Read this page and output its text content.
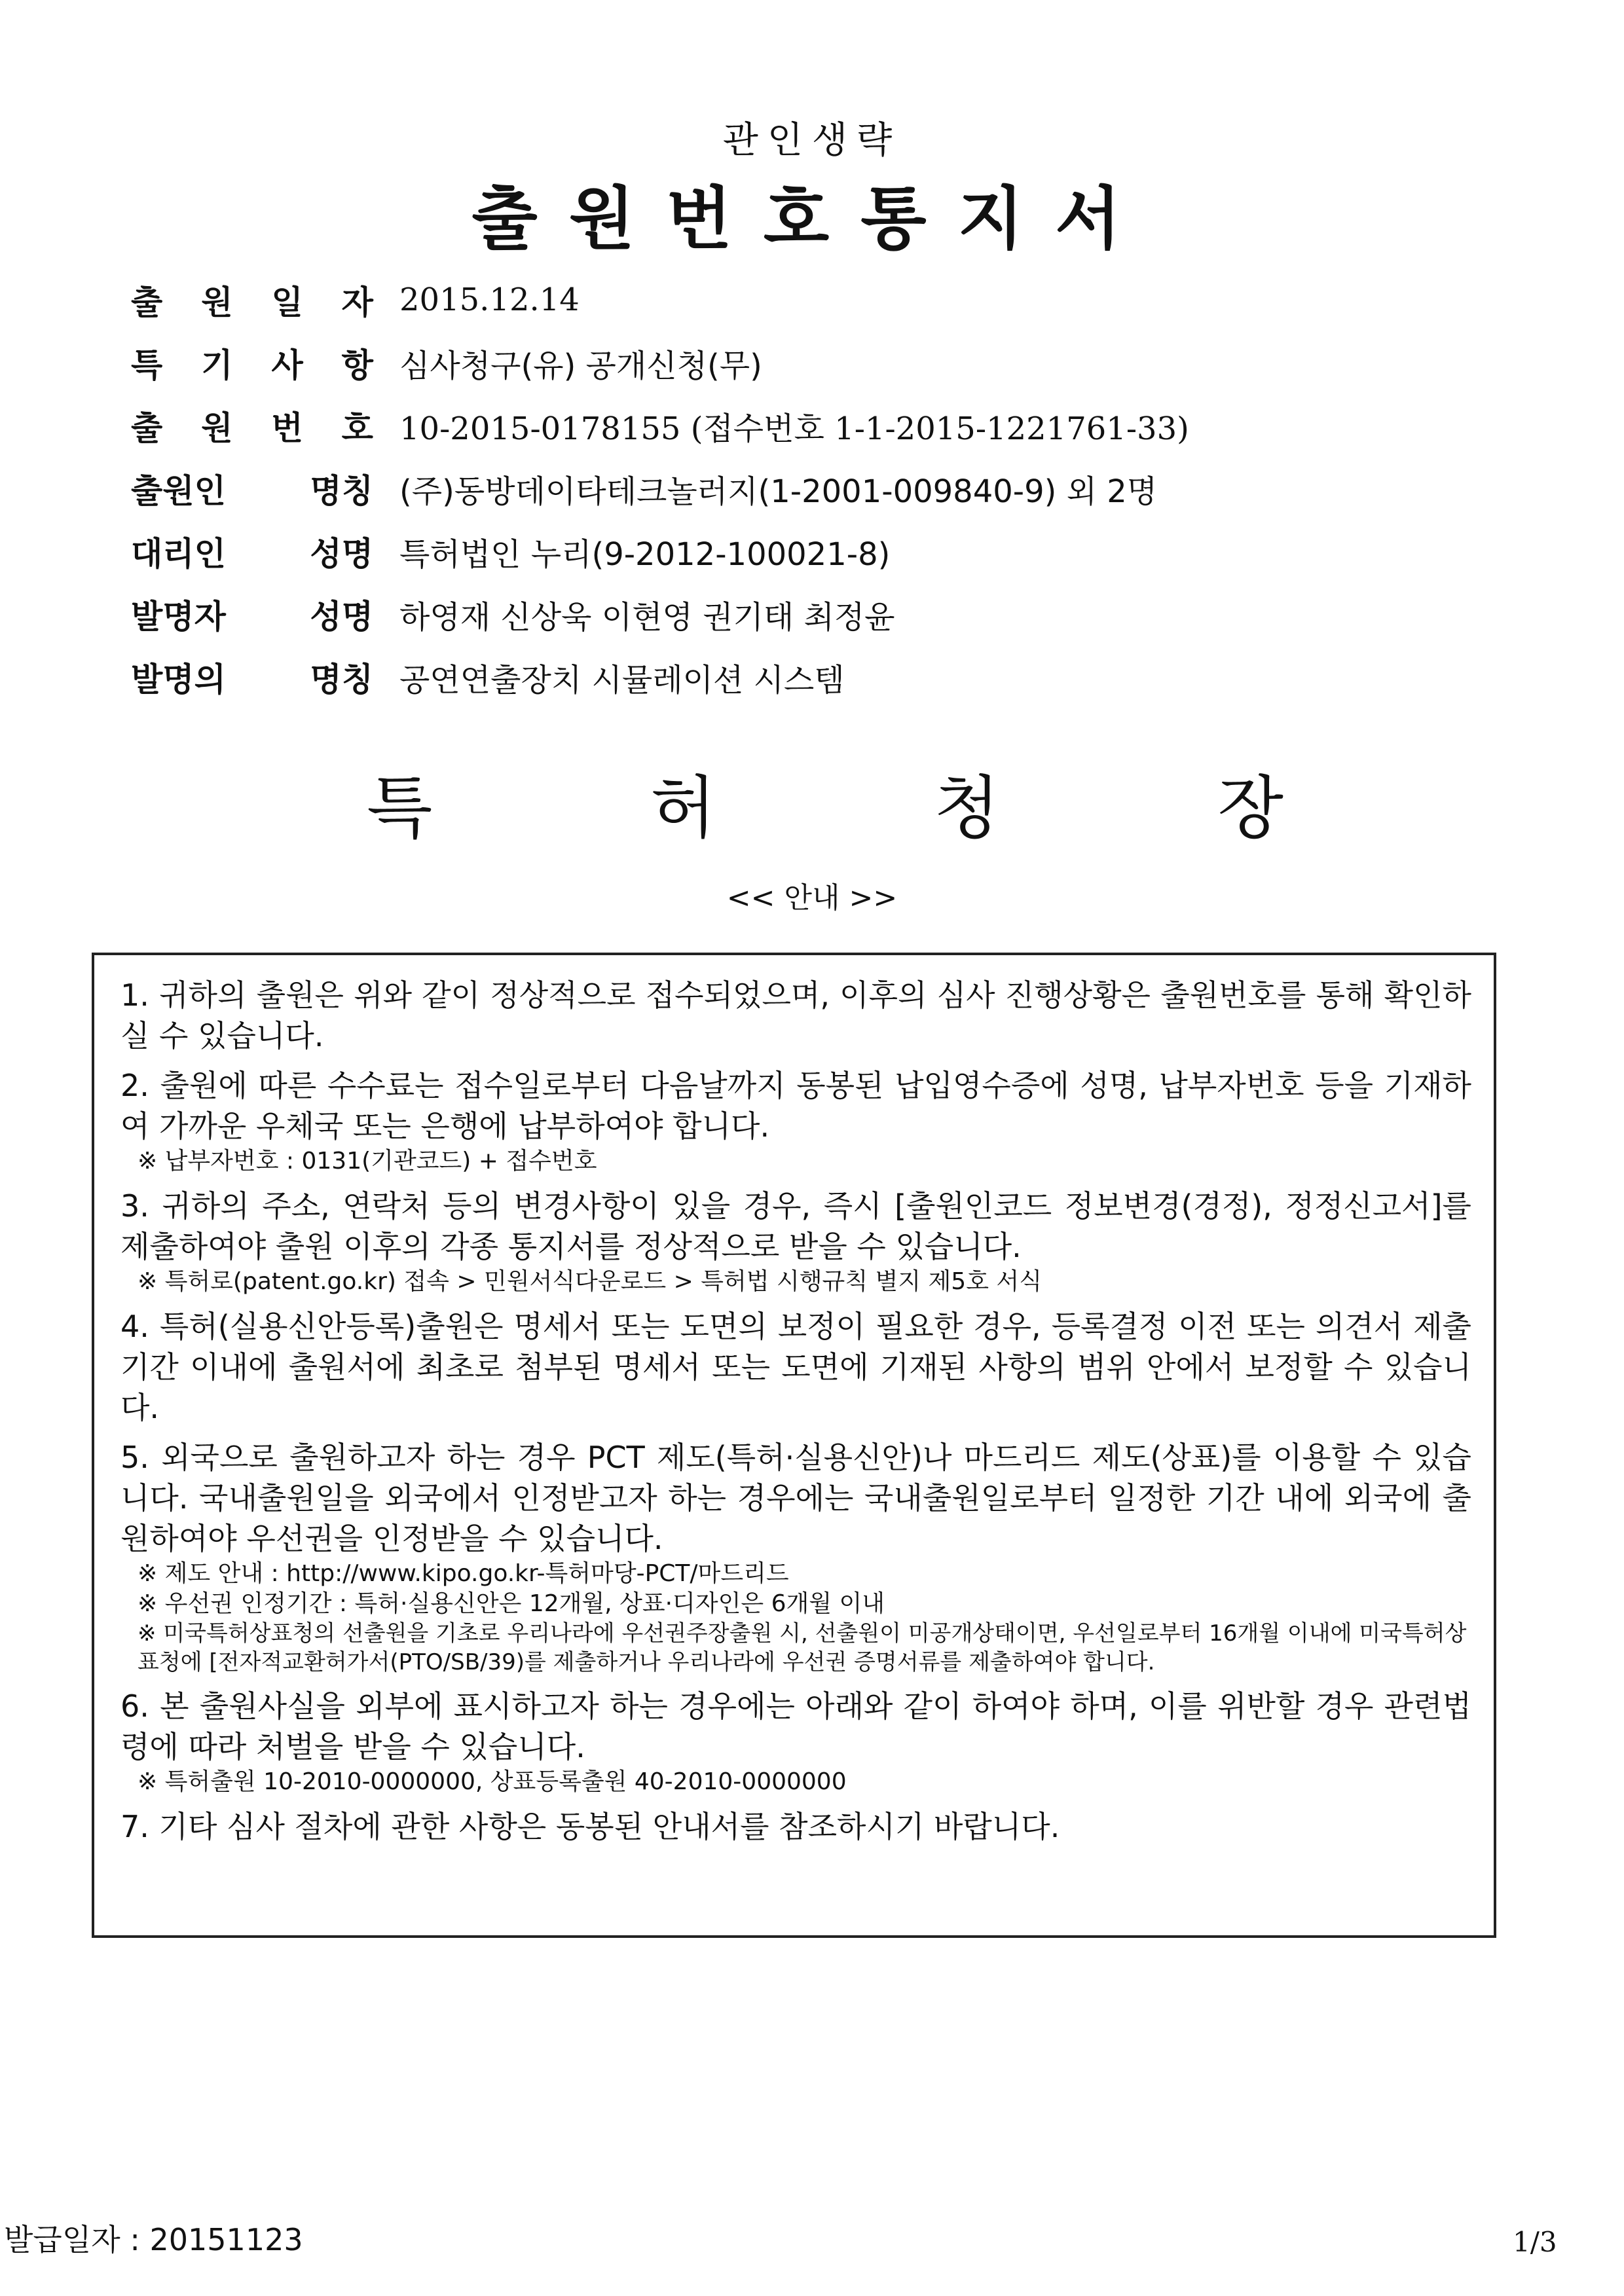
관인생략
출원번호통지서
출 원 일 자 2015.12.14
특 기 사 항 심사청구(유) 공개신청(무)
출 원 번 호 10-2015-0178155 (접수번호 1-1-2015-1221761-33)
출원인	명칭 (주)동방데이타테크놀러지(1-2001-009840-9) 외 2명
대리인	성명 특허법인 누리(9-2012-100021-8)
발명자	성명 하영재 신상욱 이현영 권기태 최정윤
발명의	명칭 공연연출장치 시뮬레이션 시스템
특	허	청	장
<< 안내 >>
1. 귀하의 출원은 위와 같이 정상적으로 접수되었으며, 이후의 심사 진행상황은 출원번호를 통해 확인하실 수 있습니다.
2. 출원에 따른 수수료는 접수일로부터 다음날까지 동봉된 납입영수증에 성명, 납부자번호 등을 기재하여 가까운 우체국 또는 은행에 납부하여야 합니다.
※ 납부자번호 : 0131(기관코드) + 접수번호
3. 귀하의 주소, 연락처 등의 변경사항이 있을 경우, 즉시 [출원인코드 정보변경(경정), 정정신고서]를 제출하여야 출원 이후의 각종 통지서를 정상적으로 받을 수 있습니다.
※ 특허로(patent.go.kr) 접속 > 민원서식다운로드 > 특허법 시행규칙 별지 제5호 서식
4. 특허(실용신안등록)출원은 명세서 또는 도면의 보정이 필요한 경우, 등록결정 이전 또는 의견서 제출기간 이내에 출원서에 최초로 첨부된 명세서 또는 도면에 기재된 사항의 범위 안에서 보정할 수 있습니다.
5. 외국으로 출원하고자 하는 경우 PCT 제도(특허·실용신안)나 마드리드 제도(상표)를 이용할 수 있습니다. 국내출원일을 외국에서 인정받고자 하는 경우에는 국내출원일로부터 일정한 기간 내에 외국에 출원하여야 우선권을 인정받을 수 있습니다.
※ 제도 안내 : http://www.kipo.go.kr-특허마당-PCT/마드리드
※ 우선권 인정기간 : 특허·실용신안은 12개월, 상표·디자인은 6개월 이내
※ 미국특허상표청의 선출원을 기초로 우리나라에 우선권주장출원 시, 선출원이 미공개상태이면, 우선일로부터 16개월 이내에 미국특허상표청에 [전자적교환허가서(PTO/SB/39)를 제출하거나 우리나라에 우선권 증명서류를 제출하여야 합니다.
6. 본 출원사실을 외부에 표시하고자 하는 경우에는 아래와 같이 하여야 하며, 이를 위반할 경우 관련법령에 따라 처벌을 받을 수 있습니다.
※ 특허출원 10-2010-0000000, 상표등록출원 40-2010-0000000
7. 기타 심사 절차에 관한 사항은 동봉된 안내서를 참조하시기 바랍니다.
발급일자 : 20151123	1/3
